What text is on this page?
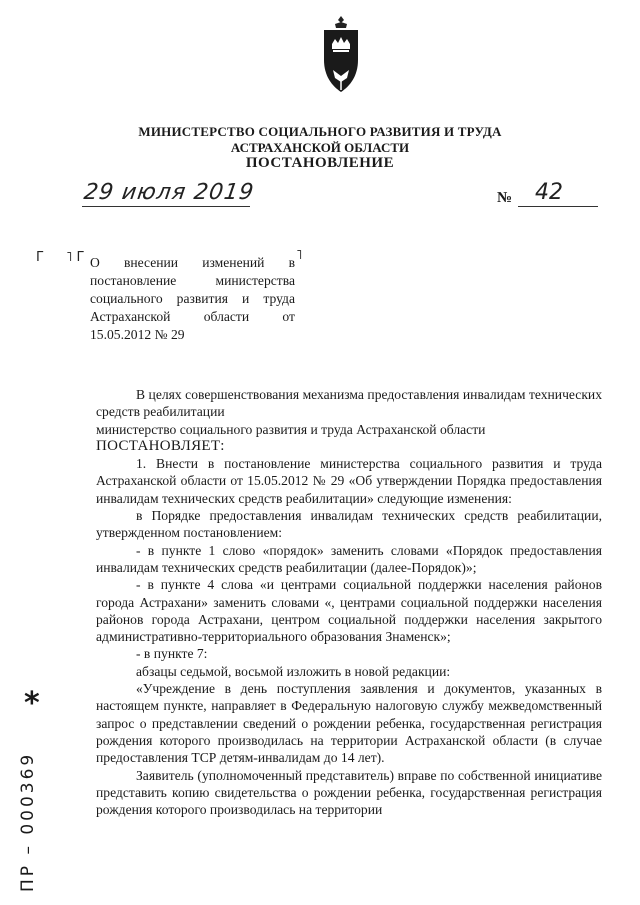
МИНИСТЕРСТВО СОЦИАЛЬНОГО РАЗВИТИЯ И ТРУДА
АСТРАХАНСКОЙ ОБЛАСТИ
ПОСТАНОВЛЕНИЕ
29 июля 2019	№ 42
Г ˥ Г	˥
О внесении изменений в постановление министерства социального развития и труда Астраханской области от 15.05.2012 № 29

В целях совершенствования механизма предоставления инвалидам технических средств реабилитации

министерство социального развития и труда Астраханской области

ПОСТАНОВЛЯЕТ:

1. Внести в постановление министерства социального развития и труда Астраханской области от 15.05.2012 № 29 «Об утверждении Порядка предоставления инвалидам технических средств реабилитации» следующие изменения:

в Порядке предоставления инвалидам технических средств реабилитации, утвержденном постановлением:

- в пункте 1 слово «порядок» заменить словами «Порядок предоставления инвалидам технических средств реабилитации (далее-Порядок)»;

- в пункте 4 слова «и центрами социальной поддержки населения районов города Астрахани» заменить словами «, центрами социальной поддержки населения районов города Астрахани, центром социальной поддержки населения закрытого административно-территориального образования Знаменск»;

- в пункте 7:

абзацы седьмой, восьмой изложить в новой редакции:

«Учреждение в день поступления заявления и документов, указанных в настоящем пункте, направляет в Федеральную налоговую службу межведомственный запрос о представлении сведений о рождении ребенка, государственная регистрация рождения которого производилась на территории Астраханской области (в случае предоставления ТСР детям-инвалидам до 14 лет).

Заявитель (уполномоченный представитель) вправе по собственной инициативе представить копию свидетельства о рождении ребенка, государственная регистрация рождения которого производилась на территории

*
ПР – 000369
